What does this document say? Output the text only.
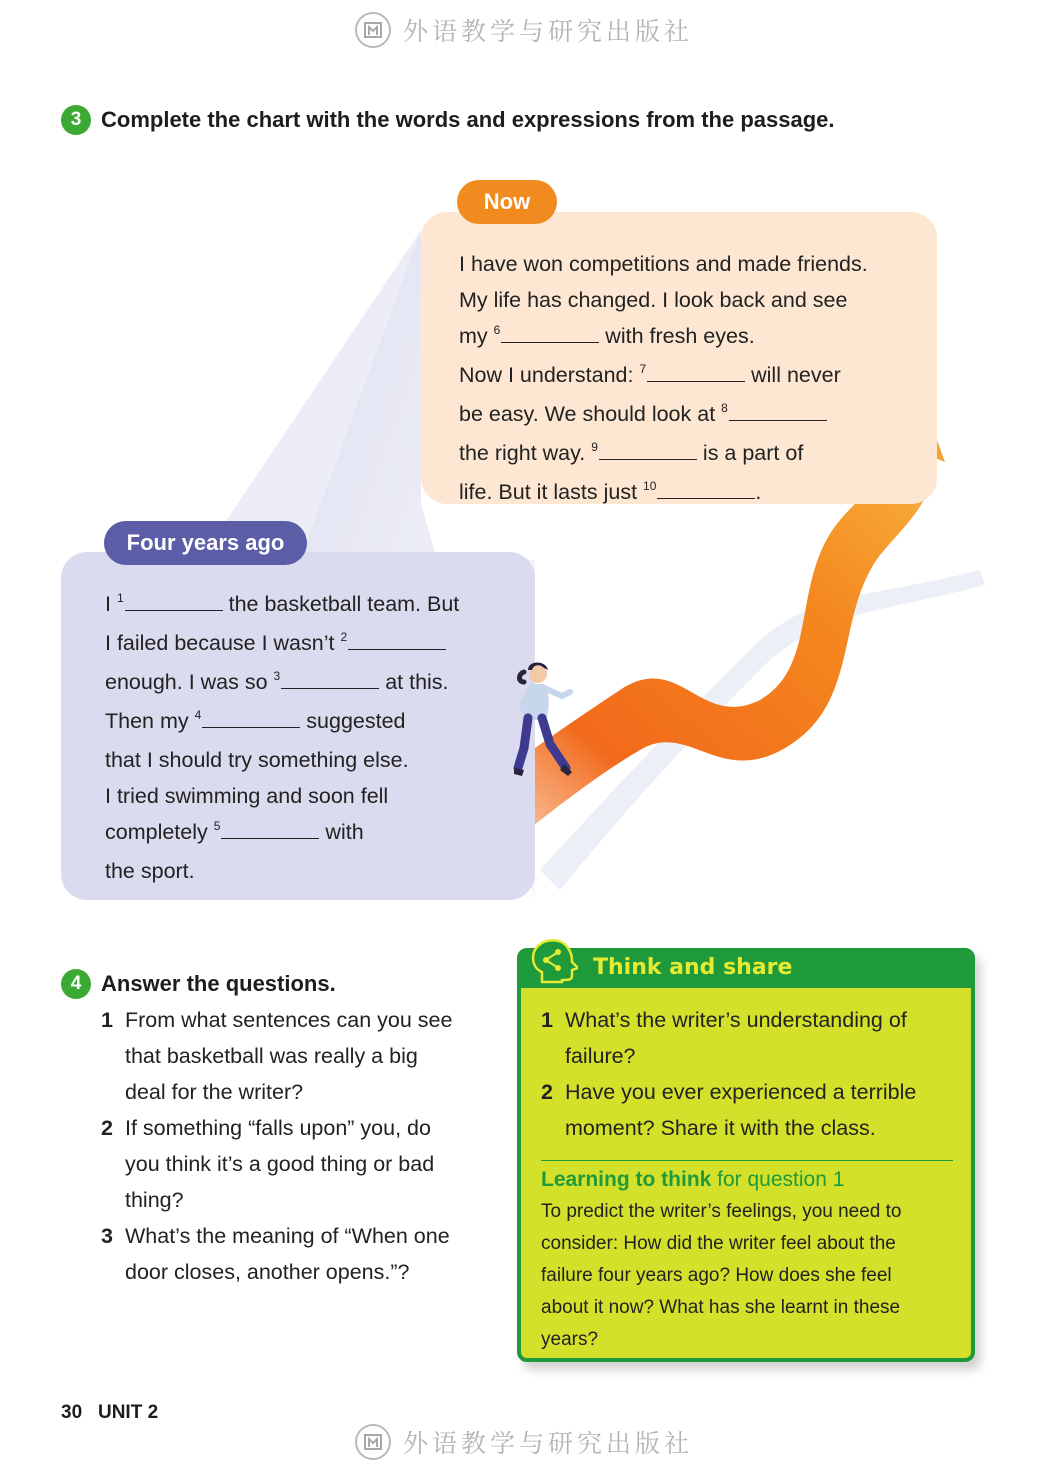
外语教学与研究出版社
3 Complete the chart with the words and expressions from the passage.
Now
I have won competitions and made friends.
My life has changed. I look back and see
my $^6$	with fresh eyes.
Now I understand: $^7$	will never
be easy. We should look at $^8$
the right way. $^9$	is a part of
life. But it lasts just $^{10}$	.
Four years ago
I $^1$	the basketball team. But
I failed because I wasn’t $^2$
enough. I was so $^3$	at this.
Then my $^4$	suggested
that I should try something else.
I tried swimming and soon fell
completely $^5$	with
the sport.
4 Answer the questions.
1 From what sentences can you see
that basketball was really a big
deal for the writer?
2 If something “falls upon” you, do
you think it’s a good thing or bad
thing?
3 What’s the meaning of “When one
door closes, another opens.”?
Think and share
1 What’s the writer’s understanding of
failure?
2 Have you ever experienced a terrible
moment? Share it with the class.
Learning to think for question 1
To predict the writer’s feelings, you need to
consider: How did the writer feel about the
failure four years ago? How does she feel
about it now? What has she learnt in these
years?
30 UNIT 2
外语教学与研究出版社
